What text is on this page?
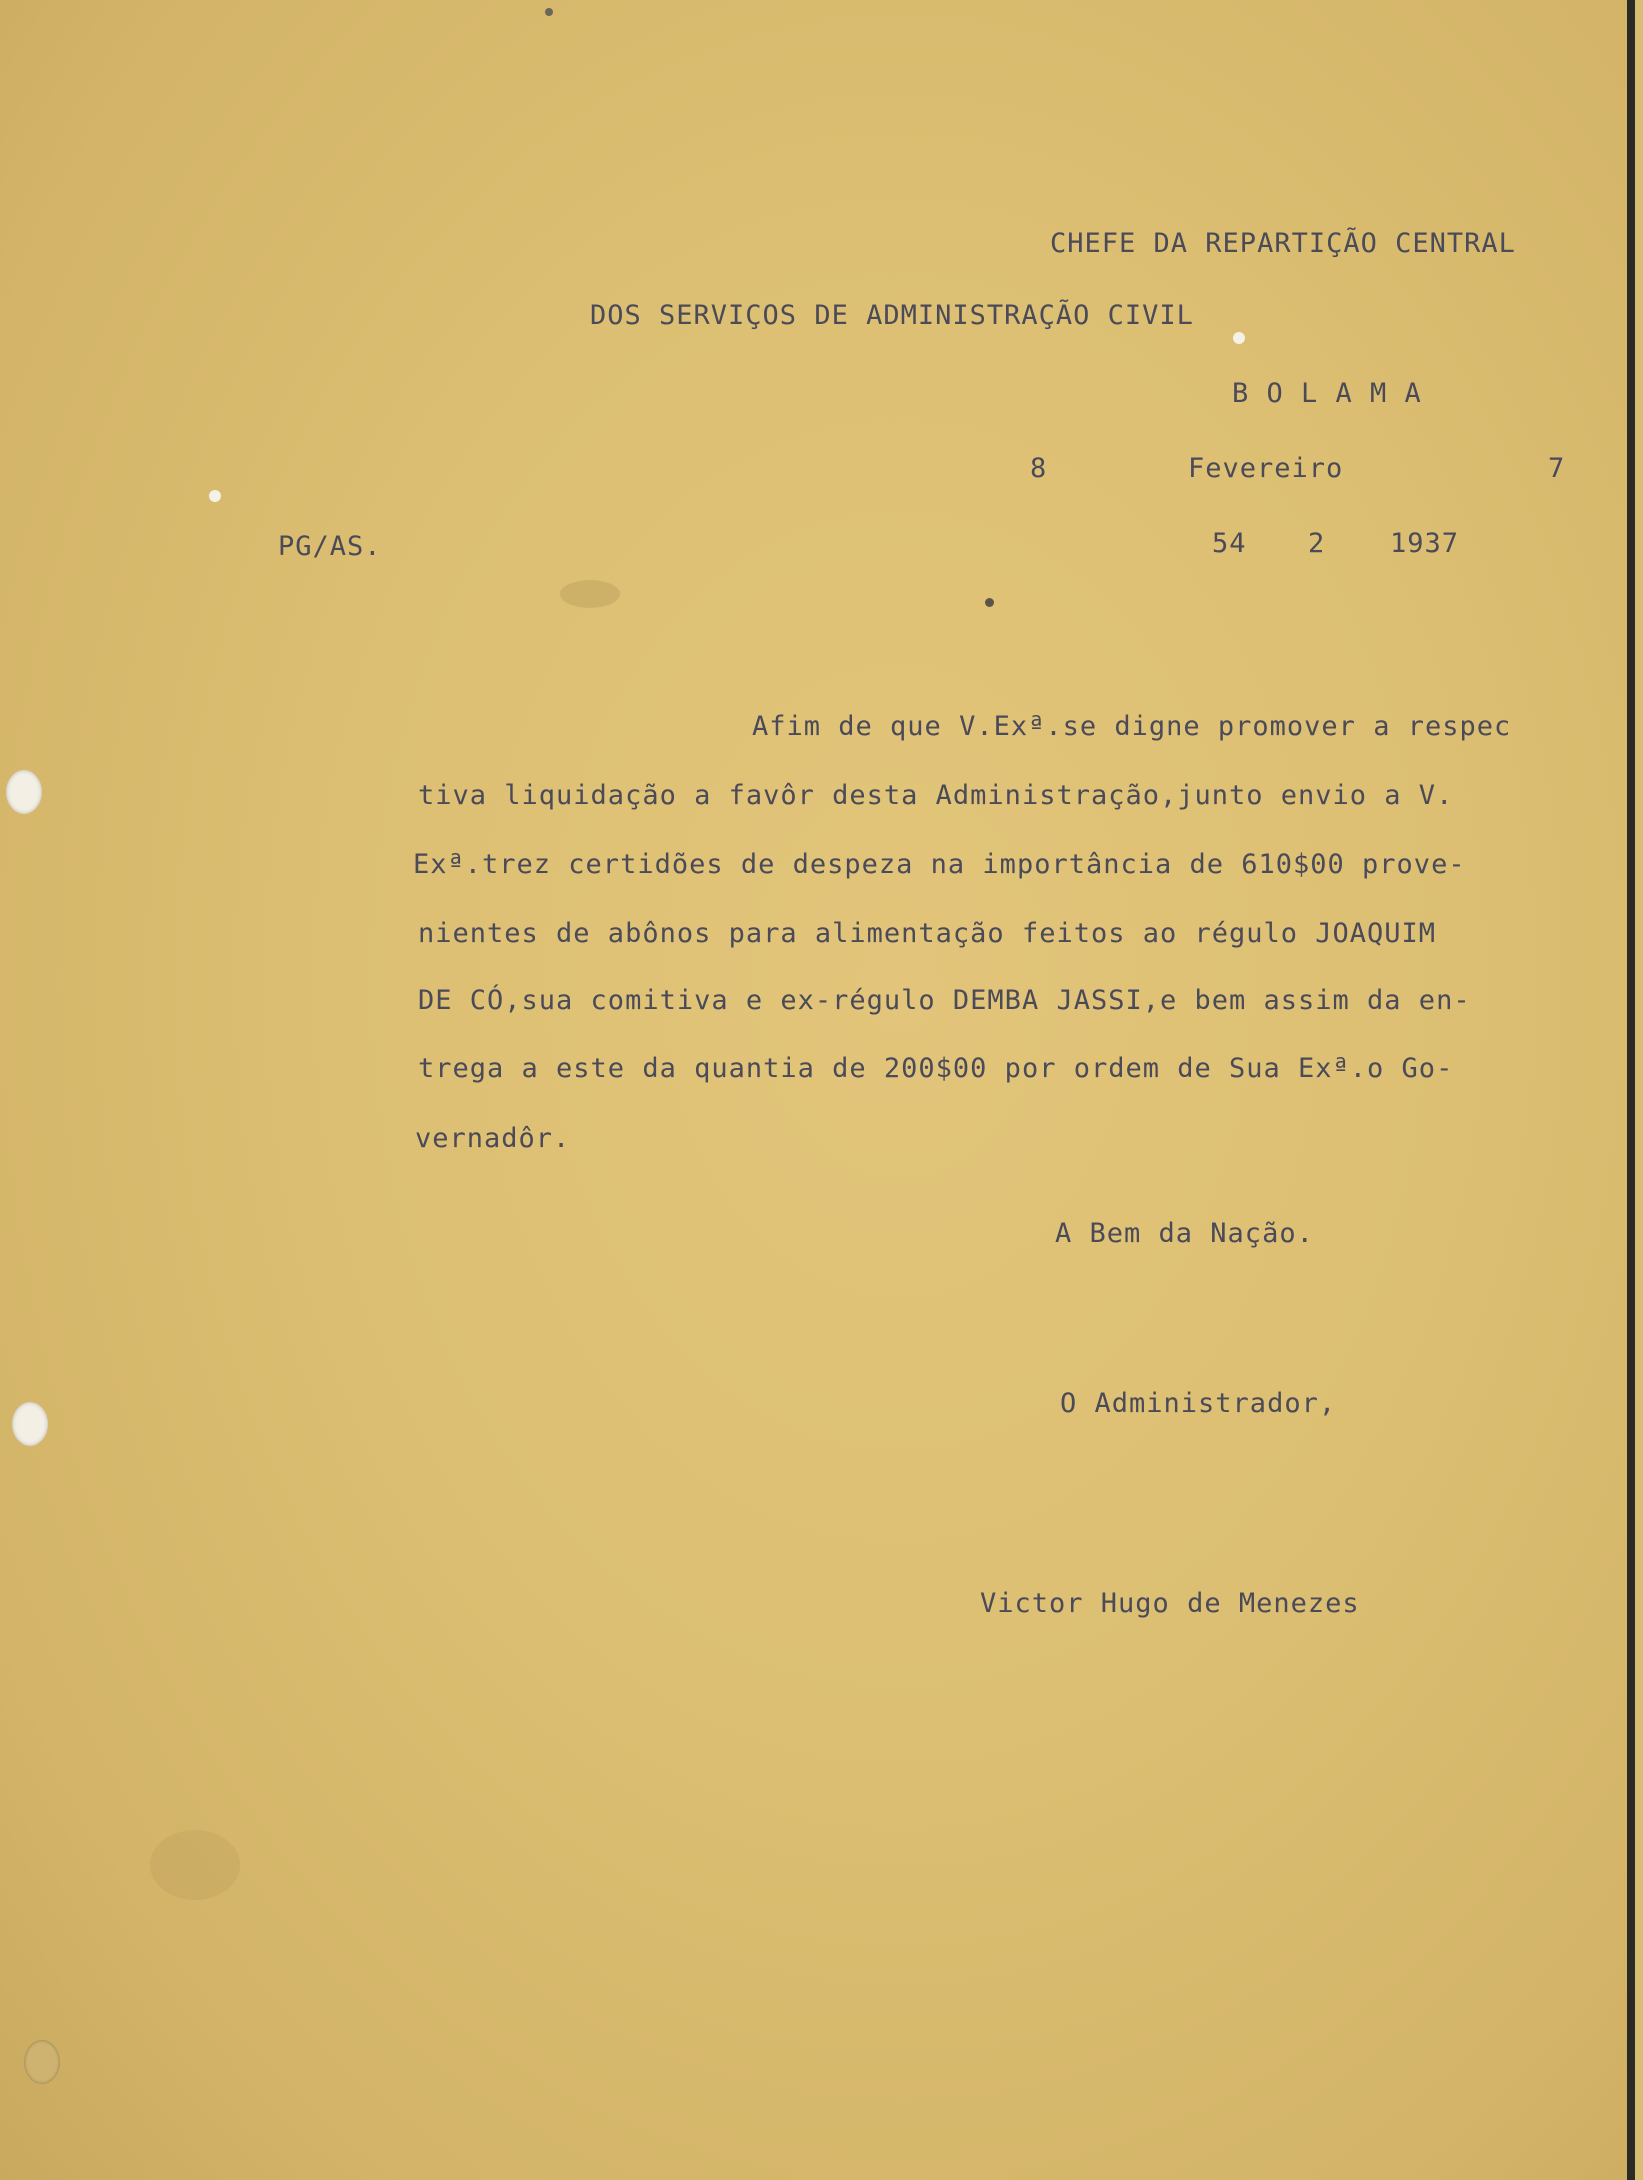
CHEFE DA REPARTIÇÃO CENTRAL
DOS SERVIÇOS DE ADMINISTRAÇÃO CIVIL
B O L A M A
8	Fevereiro	7
PG/AS.	54 2 1937
Afim de que V.Exª.se digne promover a respec
tiva liquidação a favôr desta Administração,junto envio a V.
Exª.trez certidões de despeza na importância de 610$00 prove-
nientes de abônos para alimentação feitos ao régulo JOAQUIM
DE CÓ,sua comitiva e ex-régulo DEMBA JASSI,e bem assim da en-
trega a este da quantia de 200$00 por ordem de Sua Exª.o Go-
vernadôr.
A Bem da Nação.
O Administrador,
Victor Hugo de Menezes
